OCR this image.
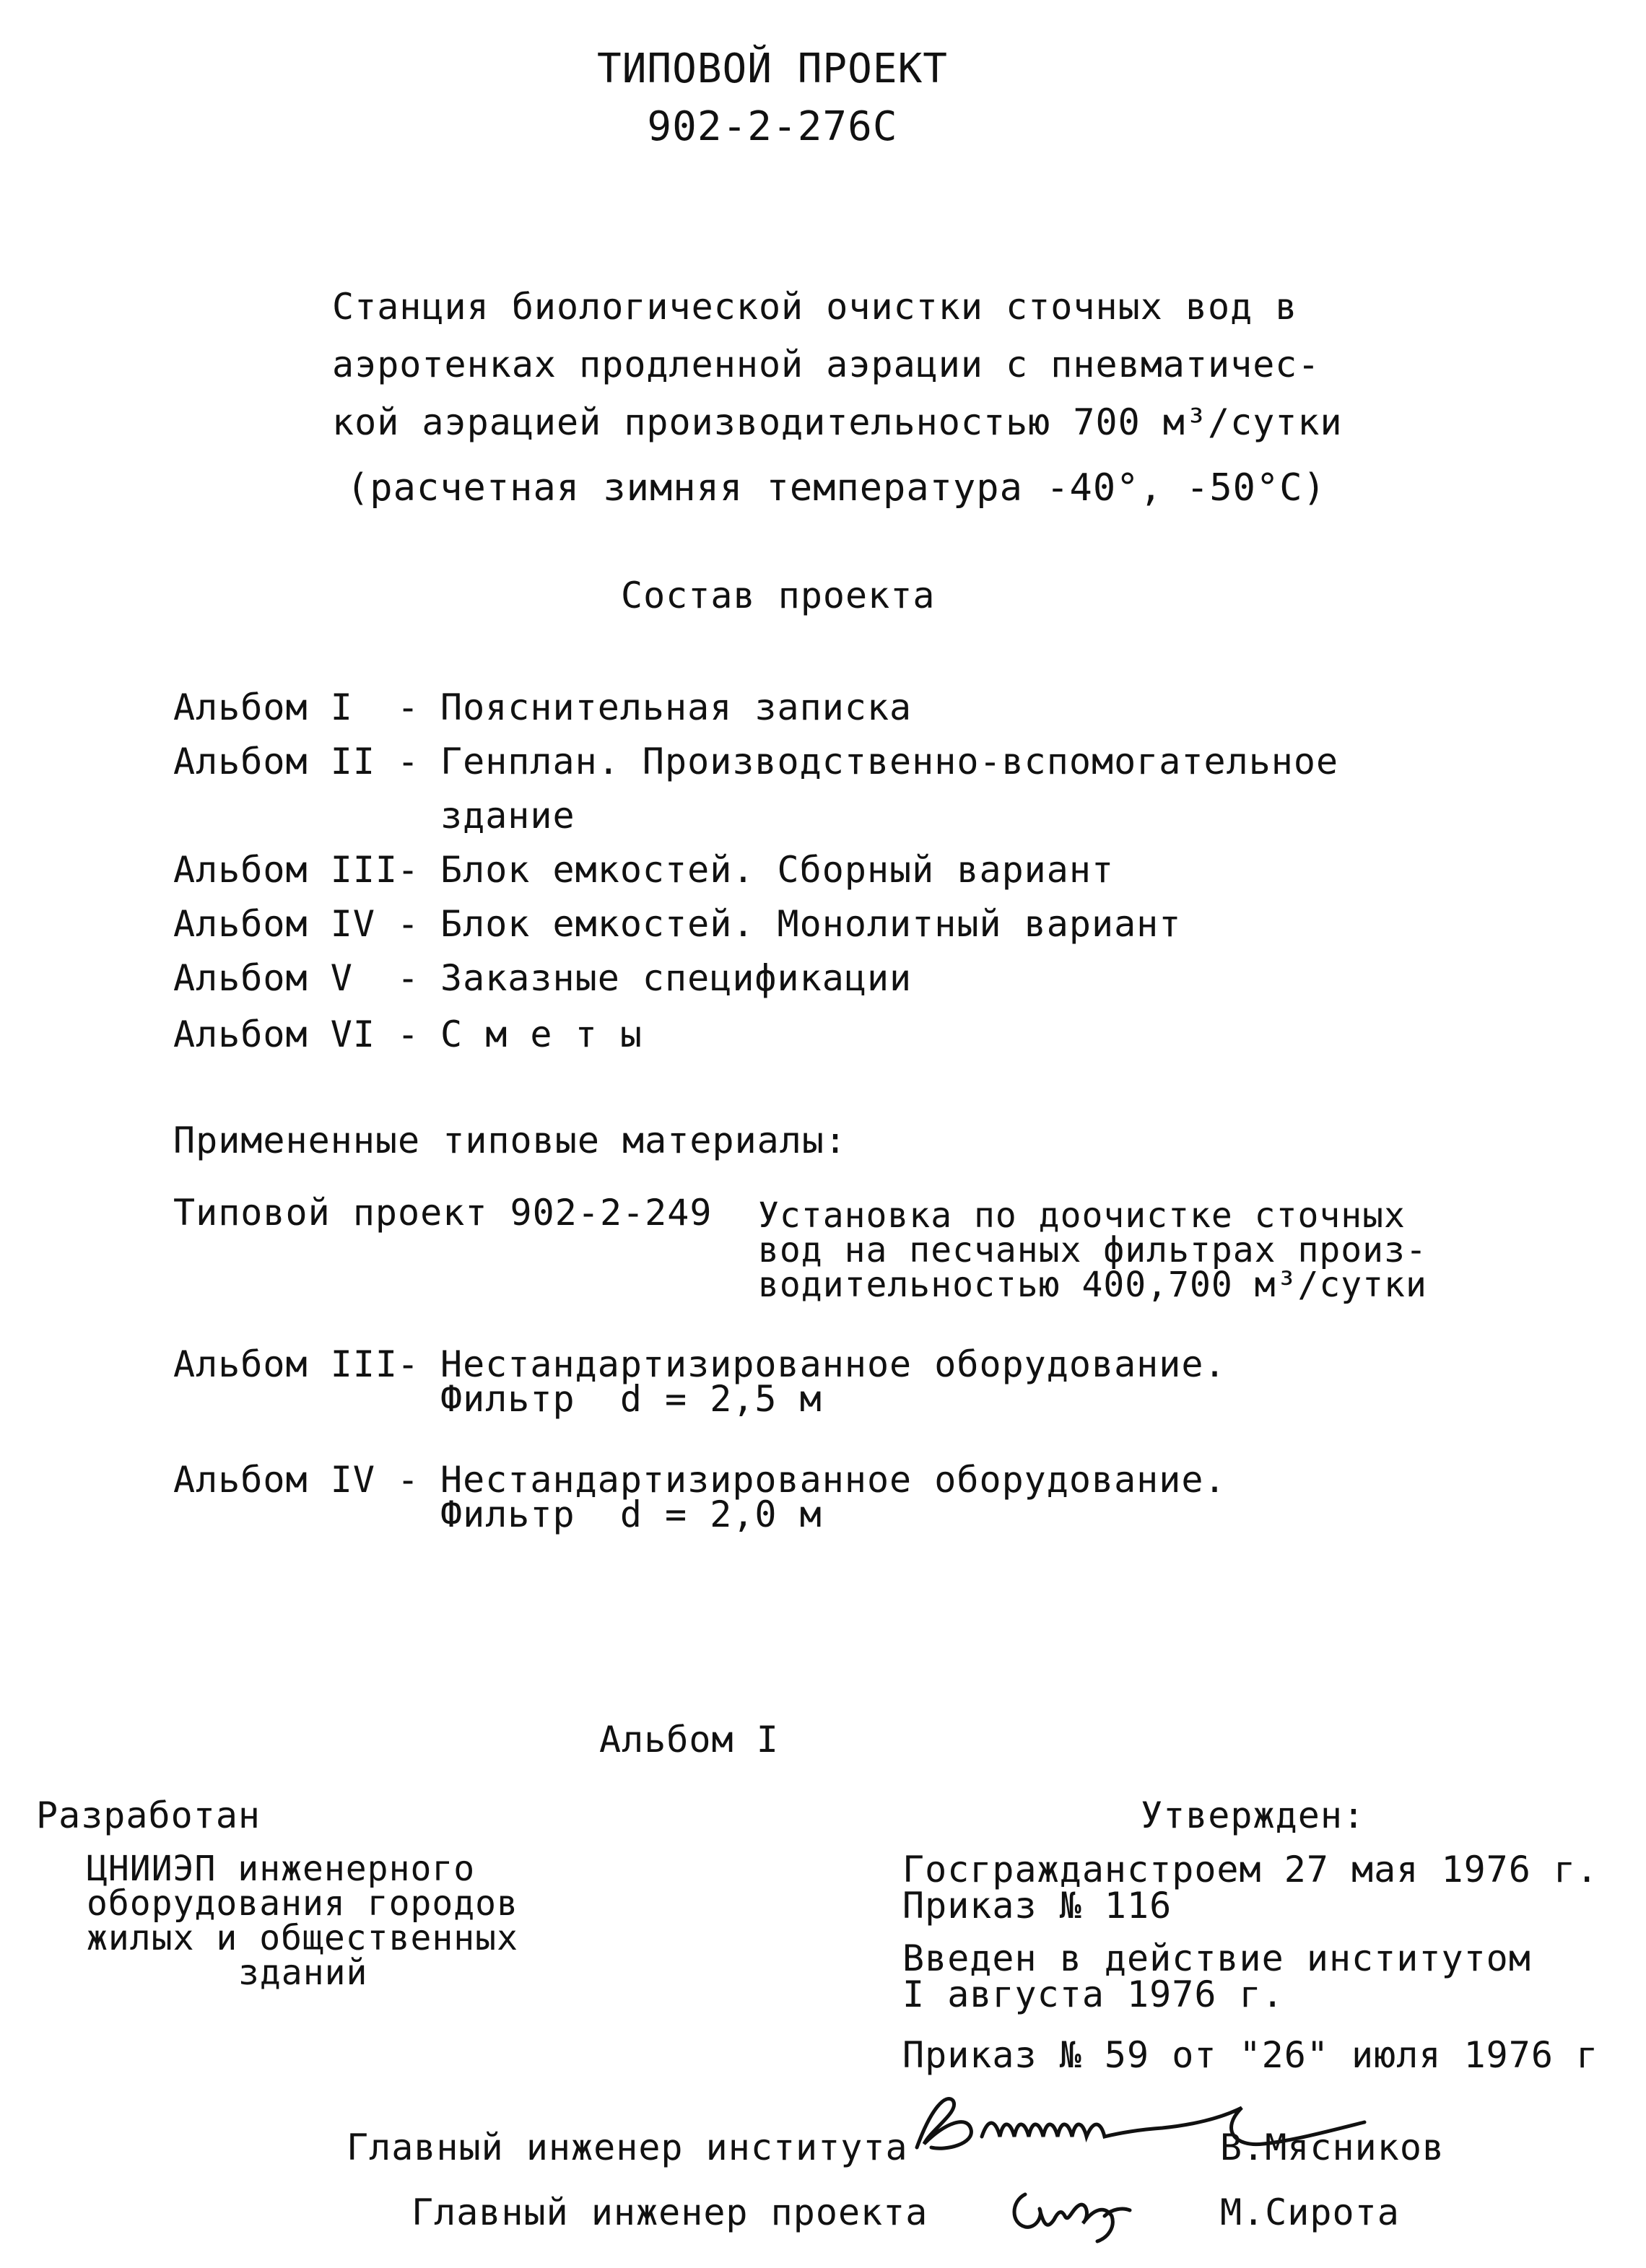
ТИПОВОЙ ПРОЕКТ
902-2-276С
Станция биологической очистки сточных вод в
аэротенках продленной аэрации с пневматичес-
кой аэрацией производительностью 700 м³/сутки
(расчетная зимняя температура -40°, -50°С)
Состав проекта
Альбом I - Пояснительная записка
Альбом II - Генплан. Производственно-вспомогательное
здание
Альбом III
- Блок емкостей. Сборный вариант
Альбом IV - Блок емкостей. Монолитный вариант
Альбом V - Заказные спецификации
Альбом VI - С м е т ы
Примененные типовые материалы:
Типовой проект 902-2-249 Установка по доочистке сточных
вод на песчаных фильтрах произ-
водительностью 400,700 м³/сутки
Альбом III
- Нестандартизированное оборудование.
Фильтр  d = 2,5 м
Альбом IV - Нестандартизированное оборудование.
Фильтр  d = 2,0 м
Альбом I
Разработан
ЦНИИЭП инженерного
оборудования городов
жилых и общественных
зданий
Утвержден:
Госгражданстроем 27 мая 1976 г.
Приказ № 116
Введен в действие институтом
I августа 1976 г.
Приказ № 59 от "26" июля 1976 г
Главный инженер института	В.Мясников
Главный инженер проекта	М.Сирота
